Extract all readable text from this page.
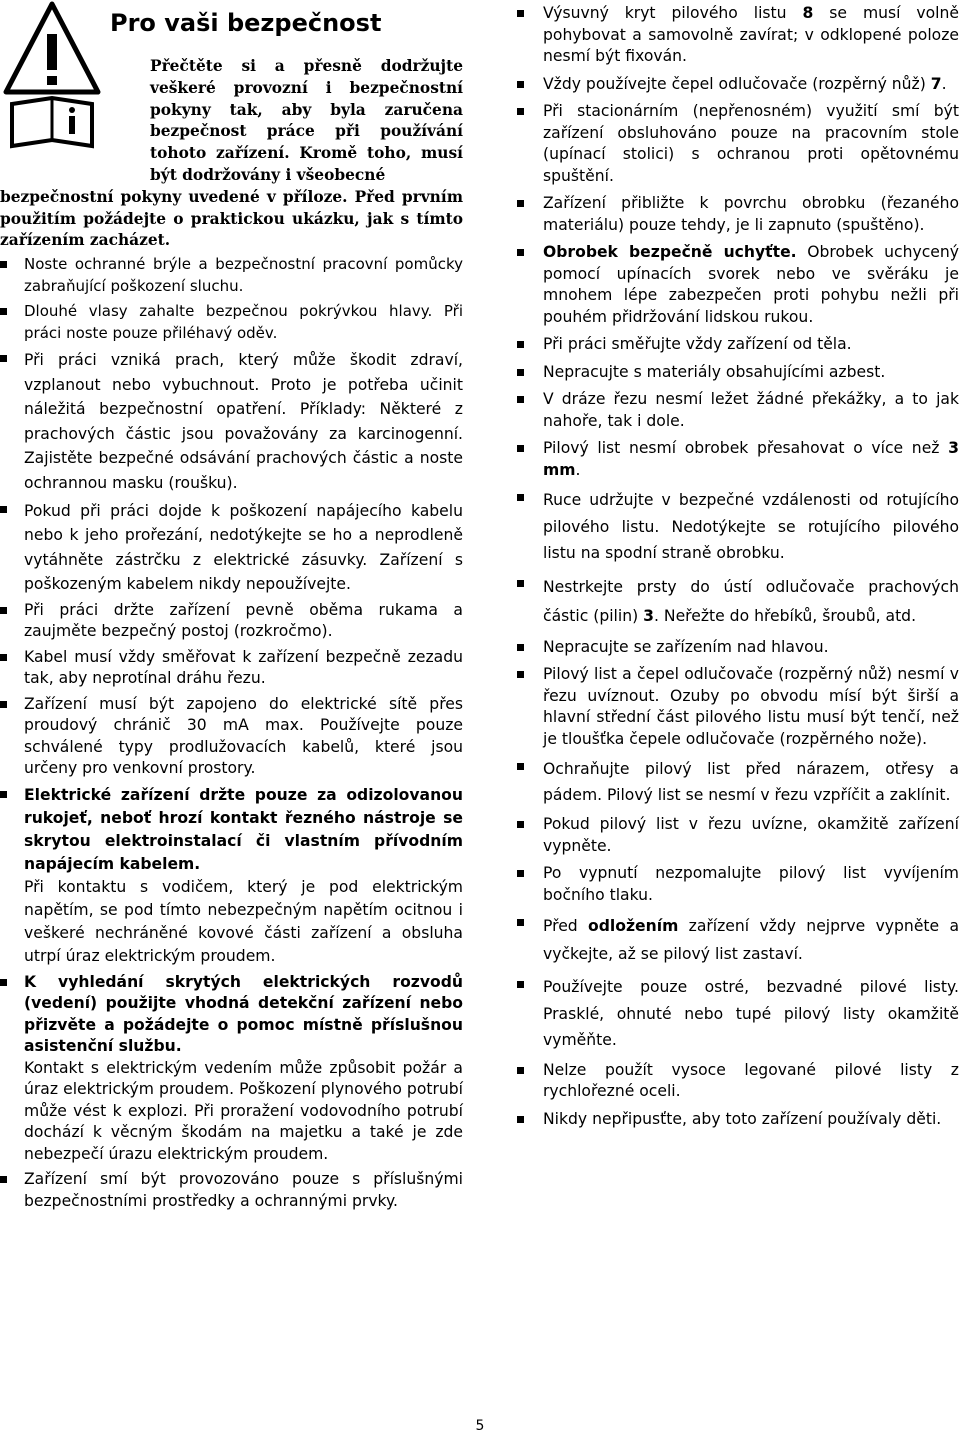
Pro vaši bezpečnost
Přečtěte si a přesně dodržujte veškeré provozní i bezpečnostní pokyny tak, aby byla zaručena bezpečnost práce při používání tohoto zařízení. Kromě toho, musí být dodržovány i všeobecné
bezpečnostní pokyny uvedené v příloze. Před prvním použitím požádejte o praktickou ukázku, jak s tímto zařízením zacházet.
Noste ochranné brýle a bezpečnostní pracovní pomůcky zabraňující poškození sluchu.
Dlouhé vlasy zahalte bezpečnou pokrývkou hlavy. Při práci noste pouze přiléhavý oděv.
Při práci vzniká prach, který může škodit zdraví, vzplanout nebo vybuchnout. Proto je potřeba učinit náležitá bezpečnostní opatření. Příklady: Některé z prachových částic jsou považovány za karcinogenní. Zajistěte bezpečné odsávání prachových částic a noste ochrannou masku (roušku).
Pokud při práci dojde k poškození napájecího kabelu nebo k jeho prořezání, nedotýkejte se ho a neprodleně vytáhněte zástrčku z elektrické zásuvky. Zařízení s poškozeným kabelem nikdy nepoužívejte.
Při práci držte zařízení pevně oběma rukama a zaujměte bezpečný postoj (rozkročmo).
Kabel musí vždy směřovat k zařízení bezpečně zezadu tak, aby neprotínal dráhu řezu.
Zařízení musí být zapojeno do elektrické sítě přes proudový chránič 30 mA max. Používejte pouze schválené typy prodlužovacích kabelů, které jsou určeny pro venkovní prostory.
Elektrické zařízení držte pouze za odizolovanou rukojeť, neboť hrozí kontakt řezného nástroje se skrytou elektroinstalací či vlastním přívodním napájecím kabelem.
Při kontaktu s vodičem, který je pod elektrickým napětím, se pod tímto nebezpečným napětím ocitnou i veškeré nechráněné kovové části zařízení a obsluha utrpí úraz elektrickým proudem.
K vyhledání skrytých elektrických rozvodů (vedení) použijte vhodná detekční zařízení nebo přizvěte a požádejte o pomoc místně příslušnou asistenční službu.
Kontakt s elektrickým vedením může způsobit požár a úraz elektrickým proudem. Poškození plynového potrubí může vést k explozi. Při proražení vodovodního potrubí dochází k věcným škodám na majetku a také je zde nebezpečí úrazu elektrickým proudem.
Zařízení smí být provozováno pouze s příslušnými bezpečnostními prostředky a ochrannými prvky.
Výsuvný kryt pilového listu 8 se musí volně pohybovat a samovolně zavírat; v odklopené poloze nesmí být fixován.
Vždy používejte čepel odlučovače (rozpěrný nůž) 7.
Při stacionárním (nepřenosném) využití smí být zařízení obsluhováno pouze na pracovním stole (upínací stolici) s ochranou proti opětovnému spuštění.
Zařízení přibližte k povrchu obrobku (řezaného materiálu) pouze tehdy, je li zapnuto (spuštěno).
Obrobek bezpečně uchyťte. Obrobek uchycený pomocí upínacích svorek nebo ve svěráku je mnohem lépe zabezpečen proti pohybu nežli při pouhém přidržování lidskou rukou.
Při práci směřujte vždy zařízení od těla.
Nepracujte s materiály obsahujícími azbest.
V dráze řezu nesmí ležet žádné překážky, a to jak nahoře, tak i dole.
Pilový list nesmí obrobek přesahovat o více než 3 mm.
Ruce udržujte v bezpečné vzdálenosti od rotujícího pilového listu. Nedotýkejte se rotujícího pilového listu na spodní straně obrobku.
Nestrkejte prsty do ústí odlučovače prachových částic (pilin) 3. Neřežte do hřebíků, šroubů, atd.
Nepracujte se zařízením nad hlavou.
Pilový list a čepel odlučovače (rozpěrný nůž) nesmí v řezu uvíznout. Ozuby po obvodu mísí být širší a hlavní střední část pilového listu musí být tenčí, než je tloušťka čepele odlučovače (rozpěrného nože).
Ochraňujte pilový list před nárazem, otřesy a pádem. Pilový list se nesmí v řezu vzpříčit a zaklínit.
Pokud pilový list v řezu uvízne, okamžitě zařízení vypněte.
Po vypnutí nezpomalujte pilový list vyvíjením bočního tlaku.
Před odložením zařízení vždy nejprve vypněte a vyčkejte, až se pilový list zastaví.
Používejte pouze ostré, bezvadné pilové listy. Prasklé, ohnuté nebo tupé pilový listy okamžitě vyměňte.
Nelze použít vysoce legované pilové listy z rychlořezné oceli.
Nikdy nepřipusťte, aby toto zařízení používaly děti.
5
